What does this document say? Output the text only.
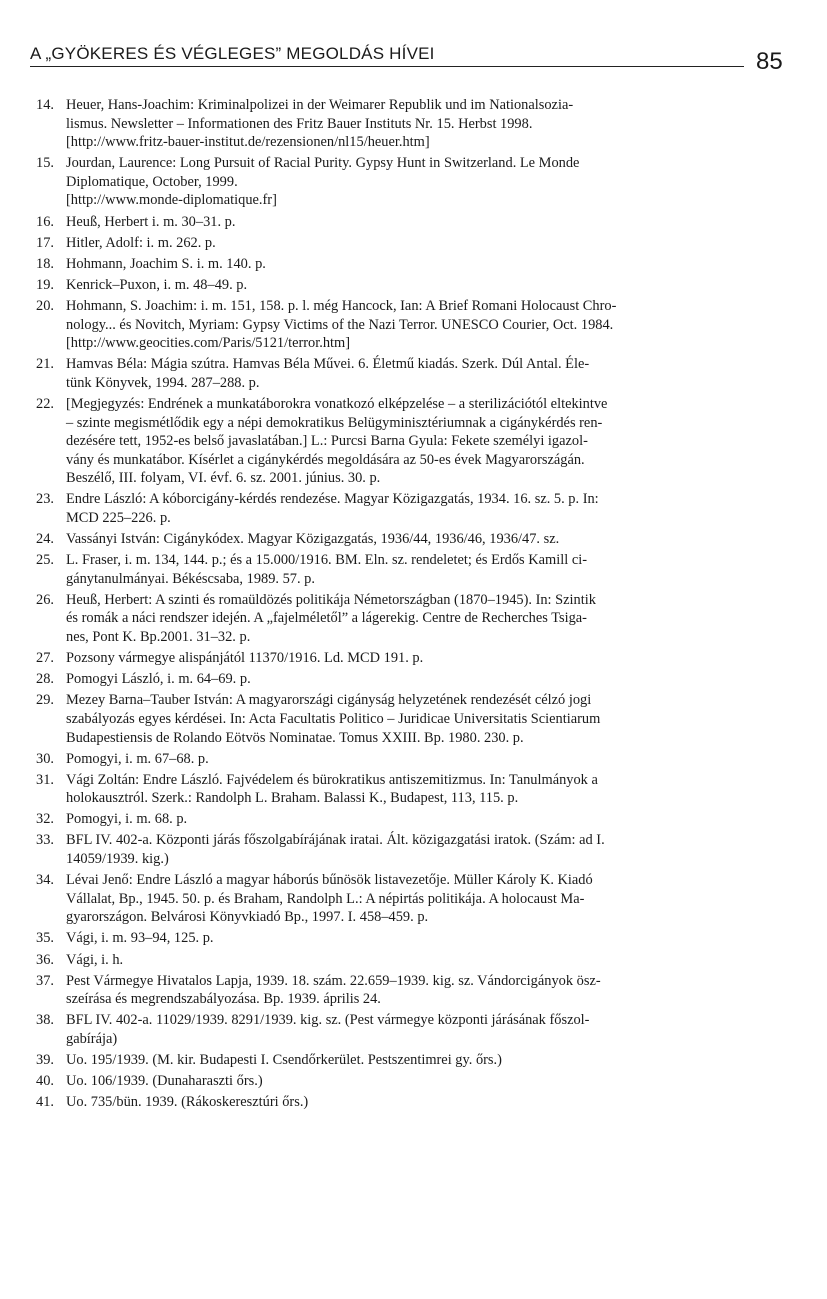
A „GYÖKERES ÉS VÉGLEGES” MEGOLDÁS HÍVEI	85
14. Heuer, Hans-Joachim: Kriminalpolizei in der Weimarer Republik und im Nationalsozia-
lismus. Newsletter – Informationen des Fritz Bauer Instituts Nr. 15. Herbst 1998.
[http://www.fritz-bauer-institut.de/rezensionen/nl15/heuer.htm]
15. Jourdan, Laurence: Long Pursuit of Racial Purity. Gypsy Hunt in Switzerland. Le Monde
Diplomatique, October, 1999.
[http://www.monde-diplomatique.fr]
16. Heuß, Herbert i. m. 30–31. p.
17. Hitler, Adolf: i. m. 262. p.
18. Hohmann, Joachim S. i. m. 140. p.
19. Kenrick–Puxon, i. m. 48–49. p.
20. Hohmann, S. Joachim: i. m. 151, 158. p. l. még Hancock, Ian: A Brief Romani Holocaust Chro-
nology... és Novitch, Myriam: Gypsy Victims of the Nazi Terror. UNESCO Courier, Oct. 1984.
[http://www.geocities.com/Paris/5121/terror.htm]
21. Hamvas Béla: Mágia szútra. Hamvas Béla Művei. 6. Életmű kiadás. Szerk. Dúl Antal. Éle-
tünk Könyvek, 1994. 287–288. p.
22. [Megjegyzés: Endrének a munkatáborokra vonatkozó elképzelése – a sterilizációtól eltekintve
– szinte megismétlődik egy a népi demokratikus Belügyminisztériumnak a cigánykérdés ren-
dezésére tett, 1952-es belső javaslatában.] L.: Purcsi Barna Gyula: Fekete személyi igazol-
vány és munkatábor. Kísérlet a cigánykérdés megoldására az 50-es évek Magyarországán.
Beszélő, III. folyam, VI. évf. 6. sz. 2001. június. 30. p.
23. Endre László: A kóborcigány-kérdés rendezése. Magyar Közigazgatás, 1934. 16. sz. 5. p. In:
MCD 225–226. p.
24. Vassányi István: Cigánykódex. Magyar Közigazgatás, 1936/44, 1936/46, 1936/47. sz.
25. L. Fraser, i. m. 134, 144. p.; és a 15.000/1916. BM. Eln. sz. rendeletet; és Erdős Kamill ci-
gánytanulmányai. Békéscsaba, 1989. 57. p.
26. Heuß, Herbert: A szinti és romaüldözés politikája Németországban (1870–1945). In: Szintik
és romák a náci rendszer idején. A „fajelméletől” a lágerekig. Centre de Recherches Tsiga-
nes, Pont K. Bp.2001. 31–32. p.
27. Pozsony vármegye alispánjától 11370/1916. Ld. MCD 191. p.
28. Pomogyi László, i. m. 64–69. p.
29. Mezey Barna–Tauber István: A magyarországi cigányság helyzetének rendezését célzó jogi
szabályozás egyes kérdései. In: Acta Facultatis Politico – Juridicae Universitatis Scientiarum
Budapestiensis de Rolando Eötvös Nominatae. Tomus XXIII. Bp. 1980. 230. p.
30. Pomogyi, i. m. 67–68. p.
31. Vági Zoltán: Endre László. Fajvédelem és bürokratikus antiszemitizmus. In: Tanulmányok a
holokausztról. Szerk.: Randolph L. Braham. Balassi K., Budapest, 113, 115. p.
32. Pomogyi, i. m. 68. p.
33. BFL IV. 402-a. Központi járás főszolgabírájának iratai. Ált. közigazgatási iratok. (Szám: ad I.
14059/1939. kig.)
34. Lévai Jenő: Endre László a magyar háborús bűnösök listavezetője. Müller Károly K. Kiadó
Vállalat, Bp., 1945. 50. p. és Braham, Randolph L.: A népirtás politikája. A holocaust Ma-
gyarországon. Belvárosi Könyvkiadó Bp., 1997. I. 458–459. p.
35. Vági, i. m. 93–94, 125. p.
36. Vági, i. h.
37. Pest Vármegye Hivatalos Lapja, 1939. 18. szám. 22.659–1939. kig. sz. Vándorcigányok ösz-
szeírása és megrendszabályozása. Bp. 1939. április 24.
38. BFL IV. 402-a. 11029/1939. 8291/1939. kig. sz. (Pest vármegye központi járásának főszol-
gabírája)
39. Uo. 195/1939. (M. kir. Budapesti I. Csendőrkerület. Pestszentimrei gy. őrs.)
40. Uo. 106/1939. (Dunaharaszti őrs.)
41. Uo. 735/bün. 1939. (Rákoskeresztúri őrs.)
